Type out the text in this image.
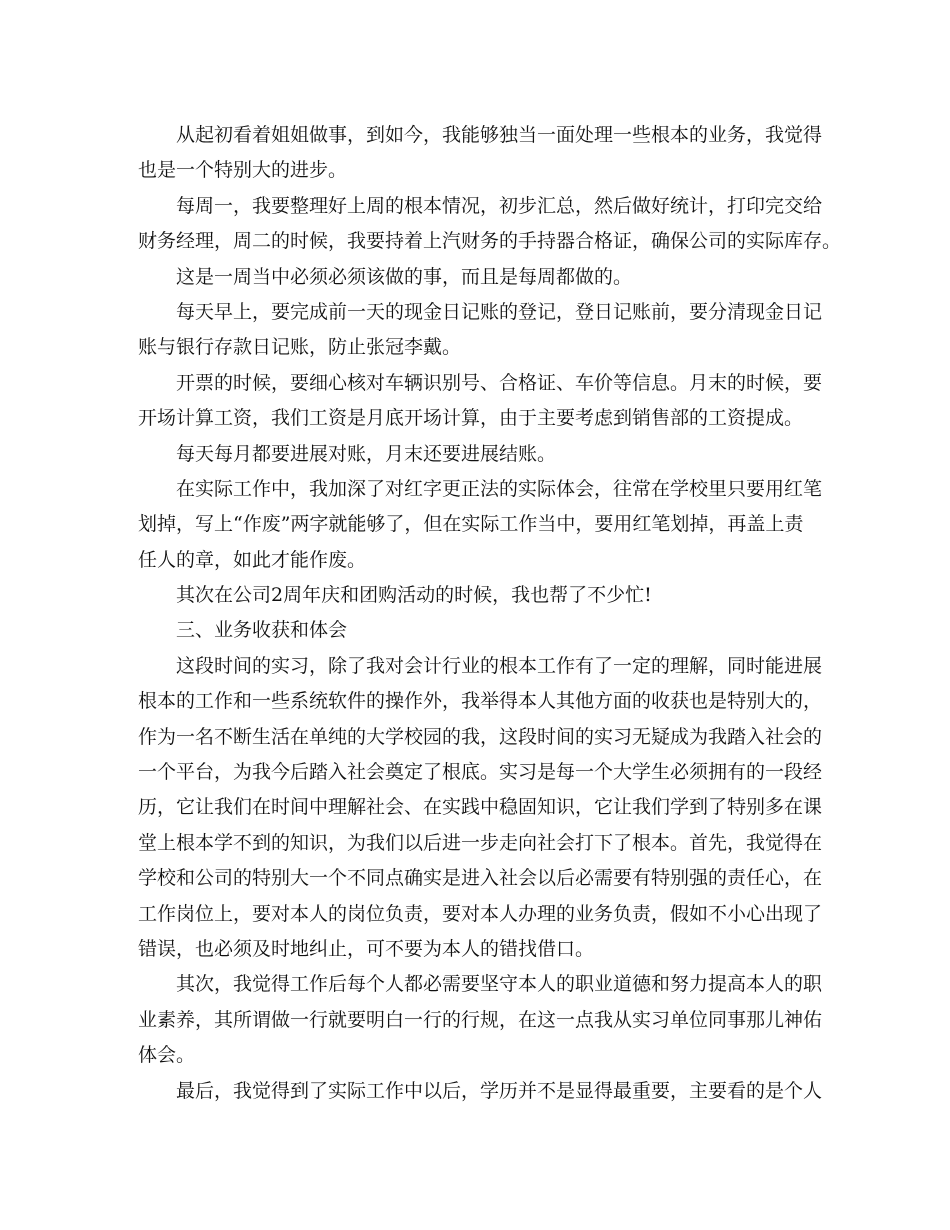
从起初看着姐姐做事，到如今，我能够独当一面处理一些根本的业务，我觉得
也是一个特别大的进步。
每周一，我要整理好上周的根本情况，初步汇总，然后做好统计，打印完交给
财务经理，周二的时候，我要持着上汽财务的手持器合格证，确保公司的实际库存。
这是一周当中必须必须该做的事，而且是每周都做的。
每天早上，要完成前一天的现金日记账的登记，登日记账前，要分清现金日记
账与银行存款日记账，防止张冠李戴。
开票的时候，要细心核对车辆识别号、合格证、车价等信息。月末的时候，要
开场计算工资，我们工资是月底开场计算，由于主要考虑到销售部的工资提成。
每天每月都要进展对账，月末还要进展结账。
在实际工作中，我加深了对红字更正法的实际体会，往常在学校里只要用红笔
划掉，写上“作废”两字就能够了，但在实际工作当中，要用红笔划掉，再盖上责
任人的章，如此才能作废。
其次在公司2周年庆和团购活动的时候，我也帮了不少忙!
三、业务收获和体会
这段时间的实习，除了我对会计行业的根本工作有了一定的理解，同时能进展
根本的工作和一些系统软件的操作外，我举得本人其他方面的收获也是特别大的，
作为一名不断生活在单纯的大学校园的我，这段时间的实习无疑成为我踏入社会的
一个平台，为我今后踏入社会奠定了根底。实习是每一个大学生必须拥有的一段经
历，它让我们在时间中理解社会、在实践中稳固知识，它让我们学到了特别多在课
堂上根本学不到的知识，为我们以后进一步走向社会打下了根本。首先，我觉得在
学校和公司的特别大一个不同点确实是进入社会以后必需要有特别强的责任心，在
工作岗位上，要对本人的岗位负责，要对本人办理的业务负责，假如不小心出现了
错误，也必须及时地纠止，可不要为本人的错找借口。
其次，我觉得工作后每个人都必需要坚守本人的职业道德和努力提高本人的职
业素养，其所谓做一行就要明白一行的行规，在这一点我从实习单位同事那儿神佑
体会。
最后，我觉得到了实际工作中以后，学历并不是显得最重要，主要看的是个人
